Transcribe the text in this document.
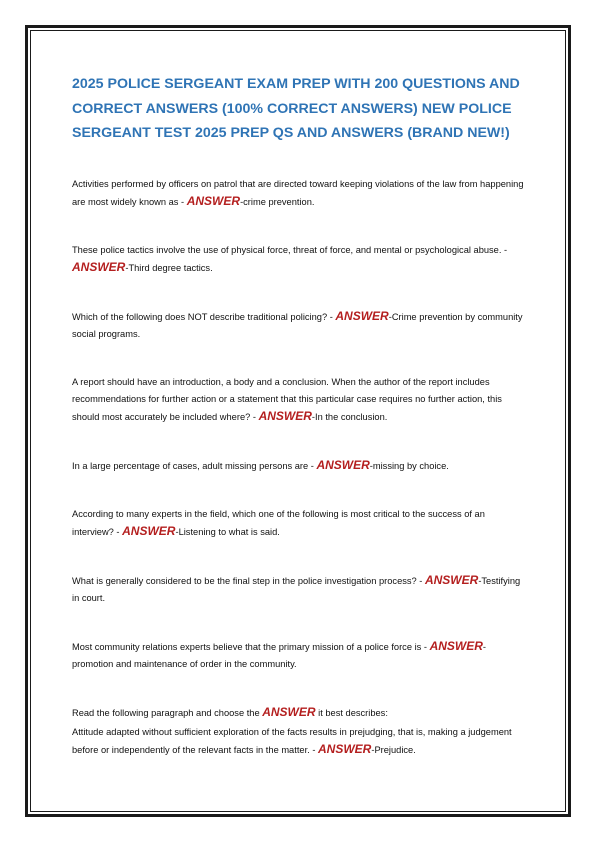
2025 POLICE SERGEANT EXAM PREP WITH 200 QUESTIONS AND CORRECT ANSWERS (100% CORRECT ANSWERS) NEW POLICE SERGEANT TEST 2025 PREP QS AND ANSWERS (BRAND NEW!)

Activities performed by officers on patrol that are directed toward keeping violations of the law from happening are most widely known as - ANSWER-crime prevention.

These police tactics involve the use of physical force, threat of force, and mental or psychological abuse. - ANSWER-Third degree tactics.

Which of the following does NOT describe traditional policing? - ANSWER-Crime prevention by community social programs.

A report should have an introduction, a body and a conclusion. When the author of the report includes recommendations for further action or a statement that this particular case requires no further action, this should most accurately be included where? - ANSWER-In the conclusion.

In a large percentage of cases, adult missing persons are - ANSWER-missing by choice.

According to many experts in the field, which one of the following is most critical to the success of an interview? - ANSWER-Listening to what is said.

What is generally considered to be the final step in the police investigation process? - ANSWER-Testifying in court.

Most community relations experts believe that the primary mission of a police force is - ANSWER-promotion and maintenance of order in the community.

Read the following paragraph and choose the ANSWER it best describes:

Attitude adapted without sufficient exploration of the facts results in prejudging, that is, making a judgement before or independently of the relevant facts in the matter. - ANSWER-Prejudice.
